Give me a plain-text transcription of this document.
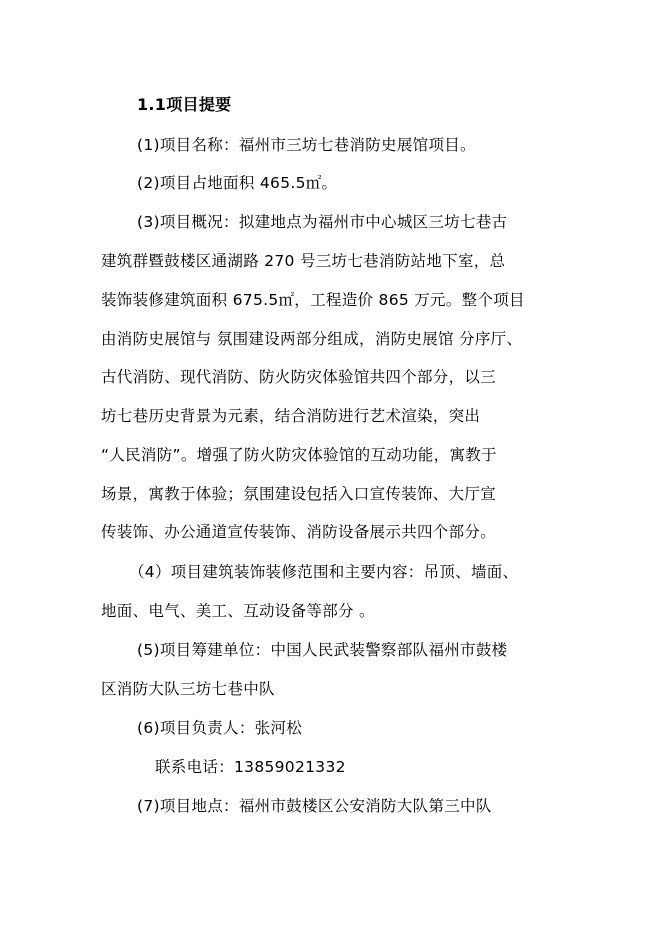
1.1项目提要
(1)项目名称：福州市三坊七巷消防史展馆项目。
(2)项目占地面积 465.5㎡。
(3)项目概况：拟建地点为福州市中心城区三坊七巷古
建筑群暨鼓楼区通湖路 270 号三坊七巷消防站地下室，总
装饰装修建筑面积 675.5㎡，工程造价 865 万元。整个项目
由消防史展馆与 氛围建设两部分组成，消防史展馆 分序厅、
古代消防、现代消防、防火防灾体验馆共四个部分，以三
坊七巷历史背景为元素，结合消防进行艺术渲染，突出
“人民消防”。增强了防火防灾体验馆的互动功能，寓教于
场景，寓教于体验；氛围建设包括入口宣传装饰、大厅宣
传装饰、办公通道宣传装饰、消防设备展示共四个部分。
（4）项目建筑装饰装修范围和主要内容：吊顶、墙面、
地面、电气、美工、互动设备等部分 。
(5)项目筹建单位：中国人民武装警察部队福州市鼓楼
区消防大队三坊七巷中队
(6)项目负责人：张河松
联系电话：13859021332
(7)项目地点：福州市鼓楼区公安消防大队第三中队
